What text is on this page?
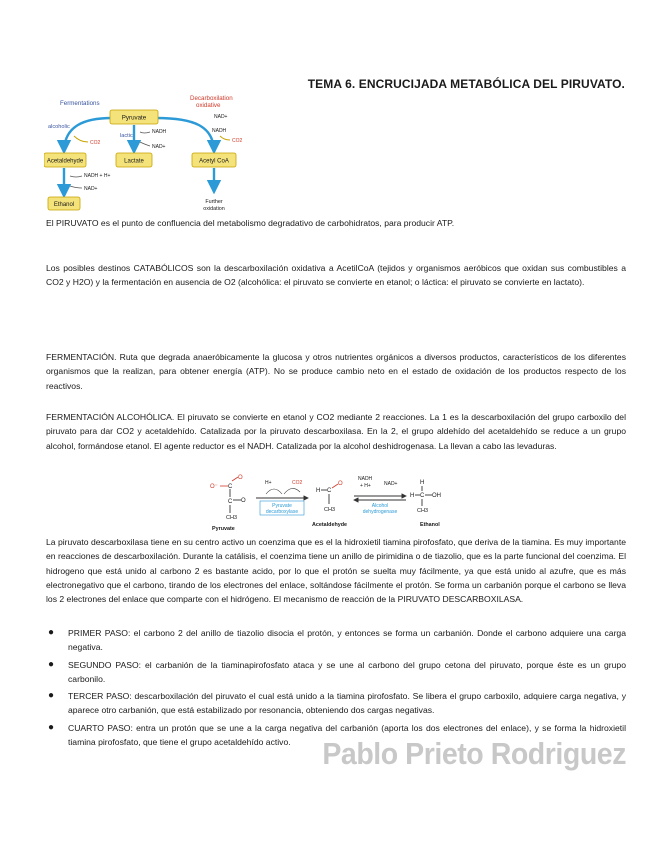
TEMA 6. ENCRUCIJADA METABÓLICA DEL PIRUVATO.
Fermentations
Decarboxilation
oxidative
alcoholic
lactic
Pyruvate
Acetaldehyde	Lactate	Acetyl CoA
Ethanol
CO2	CO2
NADH
NAD+
NAD+
NADH
NADH + H+
NAD+
Further
oxidation

El PIRUVATO es el punto de confluencia del metabolismo degradativo de carbohidratos, para producir ATP.

Los posibles destinos CATABÓLICOS son la descarboxilación oxidativa a AcetilCoA (tejidos y organismos aeróbicos que oxidan sus combustibles a CO2 y H2O) y la fermentación en ausencia de O2 (alcohólica: el piruvato se convierte en etanol; o láctica: el piruvato se convierte en lactato).

FERMENTACIÓN. Ruta que degrada anaeróbicamente la glucosa y otros nutrientes orgánicos a diversos productos, característicos de los diferentes organismos que la realizan, para obtener energía (ATP). No se produce cambio neto en el estado de oxidación de los productos respecto de los reactivos.

FERMENTACIÓN ALCOHÓLICA. El piruvato se convierte en etanol y CO2 mediante 2 reacciones. La 1 es la descarboxilación del grupo carboxilo del piruvato para dar CO2 y acetaldehído. Catalizada por la piruvato descarboxilasa. En la 2, el grupo aldehído del acetaldehído se reduce a un grupo alcohol, formándose etanol. El agente reductor es el NADH. Catalizada por la alcohol deshidrogenasa. La llevan a cabo las levaduras.

O⁻ C
O
C O
CH3
Pyruvate
H+	CO2
Pyruvate
decarboxylase
H C
O
CH3
Acetaldehyde
NADH
+ H+	NAD+
Alcohol
dehydrogenase
H
H C OH
CH3
Ethanol

La piruvato descarboxilasa tiene en su centro activo un coenzima que es el la hidroxietil tiamina pirofosfato, que deriva de la tiamina. Es muy importante en reacciones de descarboxilación. Durante la catálisis, el coenzima tiene un anillo de pirimidina o de tiazolio, que es la parte funcional del coenzima. El hidrogeno que está unido al carbono 2 es bastante acido, por lo que el protón se suelta muy fácilmente, ya que está unido al azufre, que es más electronegativo que el carbono, tirando de los electrones del enlace, soltándose fácilmente el protón. Se forma un carbanión porque el carbono se lleva los 2 electrones del enlace que comparte con el hidrógeno. El mecanismo de reacción de la PIRUVATO DESCARBOXILASA.

● PRIMER PASO: el carbono 2 del anillo de tiazolio disocia el protón, y entonces se forma un carbanión. Donde el carbono adquiere una carga negativa.
● SEGUNDO PASO: el carbanión de la tiaminapirofosfato ataca y se une al carbono del grupo cetona del piruvato, porque éste es un grupo carbonilo.
● TERCER PASO: descarboxilación del piruvato el cual está unido a la tiamina pirofosfato. Se libera el grupo carboxilo, adquiere carga negativa, y aparece otro carbanión, que está estabilizado por resonancia, obteniendo dos cargas negativas.
● CUARTO PASO: entra un protón que se une a la carga negativa del carbanión (aporta los dos electrones del enlace), y se forma la hidroxietil tiamina pirofosfato, que tiene el grupo acetaldehído activo.	Pablo Prieto Rodriguez
